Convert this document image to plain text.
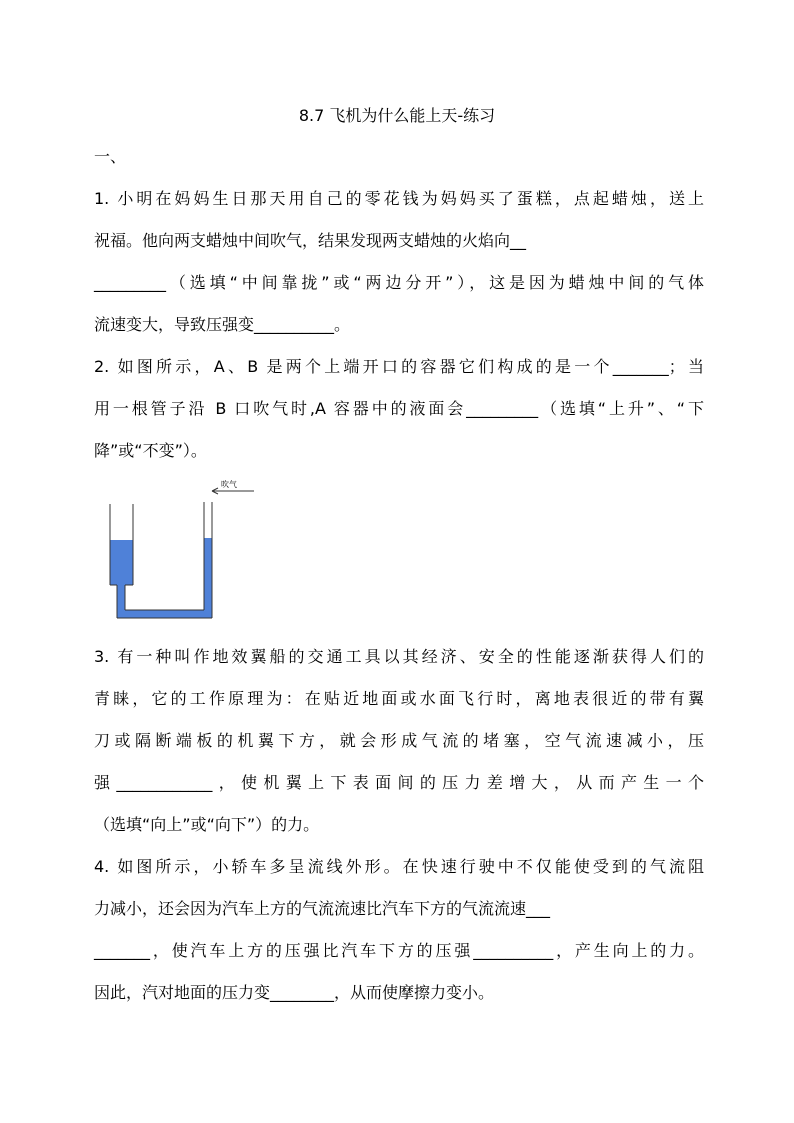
8.7 飞机为什么能上天-练习
一、
1. 小明在妈妈生日那天用自己的零花钱为妈妈买了蛋糕，点起蜡烛，送上
祝福。他向两支蜡烛中间吹气，结果发现两支蜡烛的火焰向__
_________（选填“中间靠拢”或“两边分开”），这是因为蜡烛中间的气体
流速变大，导致压强变__________。
2. 如图所示，A、B 是两个上端开口的容器它们构成的是一个_______；当
用一根管子沿 B 口吹气时,A 容器中的液面会_________（选填“上升”、“下
降”或“不变”）。
吹气
3. 有一种叫作地效翼船的交通工具以其经济、安全的性能逐渐获得人们的
青睐，它的工作原理为：在贴近地面或水面飞行时，离地表很近的带有翼
刀或隔断端板的机翼下方，就会形成气流的堵塞，空气流速减小，压
强____________，使机翼上下表面间的压力差增大，从而产生一个
（选填“向上”或“向下”）的力。
4. 如图所示，小轿车多呈流线外形。在快速行驶中不仅能使受到的气流阻
力减小，还会因为汽车上方的气流流速比汽车下方的气流流速___
_______，使汽车上方的压强比汽车下方的压强__________，产生向上的力。
因此，汽对地面的压力变________，从而使摩擦力变小。
